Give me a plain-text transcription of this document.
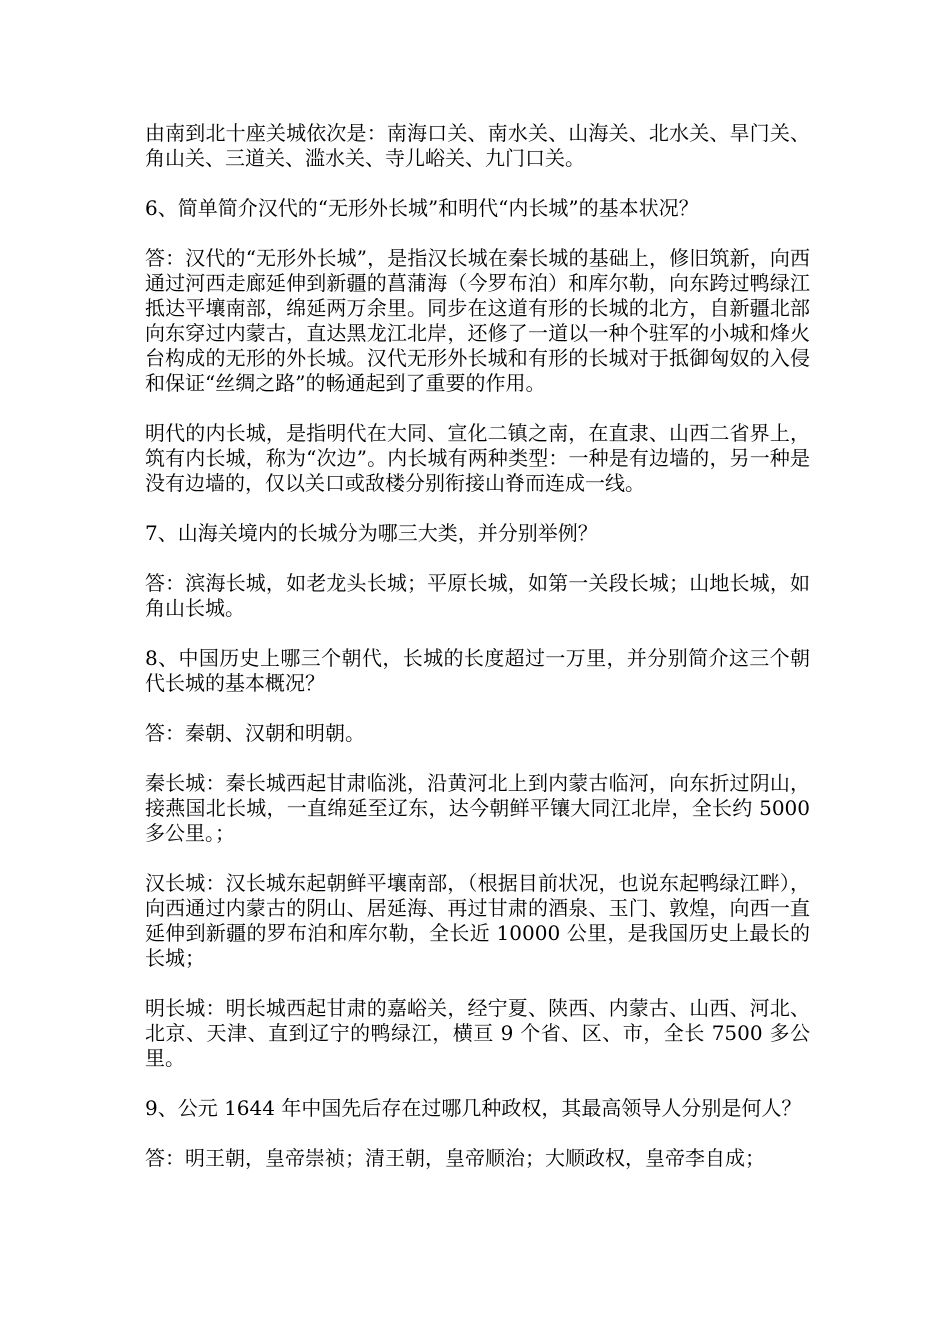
由南到北十座关城依次是：南海口关、南水关、山海关、北水关、旱门关、角山关、三道关、滥水关、寺儿峪关、九门口关。

6、简单简介汉代的“无形外长城”和明代“内长城”的基本状况？

答：汉代的“无形外长城”，是指汉长城在秦长城的基础上，修旧筑新，向西通过河西走廊延伸到新疆的菖蒲海（今罗布泊）和库尔勒，向东跨过鸭绿江抵达平壤南部，绵延两万余里。同步在这道有形的长城的北方，自新疆北部向东穿过内蒙古，直达黑龙江北岸，还修了一道以一种个驻军的小城和烽火台构成的无形的外长城。汉代无形外长城和有形的长城对于抵御匈奴的入侵和保证“丝绸之路”的畅通起到了重要的作用。

明代的内长城，是指明代在大同、宣化二镇之南，在直隶、山西二省界上，筑有内长城，称为“次边”。内长城有两种类型：一种是有边墙的，另一种是没有边墙的，仅以关口或敌楼分别衔接山脊而连成一线。

7、山海关境内的长城分为哪三大类，并分别举例？

答：滨海长城，如老龙头长城；平原长城，如第一关段长城；山地长城，如角山长城。

8、中国历史上哪三个朝代，长城的长度超过一万里，并分别简介这三个朝代长城的基本概况？

答：秦朝、汉朝和明朝。

秦长城：秦长城西起甘肃临洮，沿黄河北上到内蒙古临河，向东折过阴山，接燕国北长城，一直绵延至辽东，达今朝鲜平镶大同江北岸，全长约 5000 多公里。；

汉长城：汉长城东起朝鲜平壤南部，（根据目前状况，也说东起鸭绿江畔），向西通过内蒙古的阴山、居延海、再过甘肃的酒泉、玉门、敦煌，向西一直延伸到新疆的罗布泊和库尔勒，全长近 10000 公里，是我国历史上最长的长城；

明长城：明长城西起甘肃的嘉峪关，经宁夏、陕西、内蒙古、山西、河北、北京、天津、直到辽宁的鸭绿江，横亘 9 个省、区、市，全长 7500 多公里。

9、公元 1644 年中国先后存在过哪几种政权，其最高领导人分别是何人？

答：明王朝，皇帝崇祯；清王朝，皇帝顺治；大顺政权，皇帝李自成；
